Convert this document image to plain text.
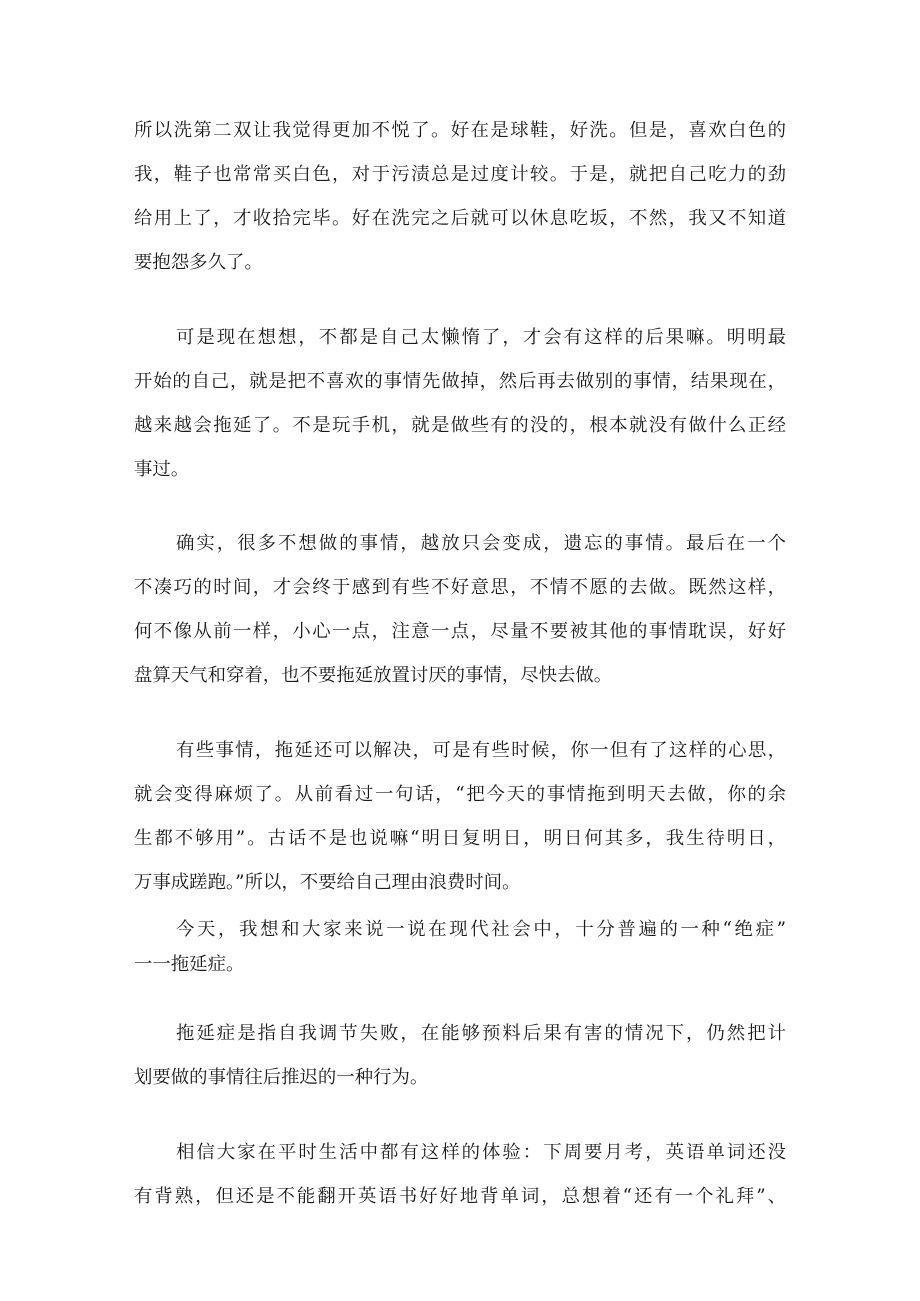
所以洗第二双让我觉得更加不悦了。好在是球鞋，好洗。但是，喜欢白色的
我，鞋子也常常买白色，对于污渍总是过度计较。于是，就把自己吃力的劲
给用上了，才收拾完毕。好在洗完之后就可以休息吃坂，不然，我又不知道
要抱怨多久了。
可是现在想想，不都是自己太懒惰了，才会有这样的后果嘛。明明最
开始的自己，就是把不喜欢的事情先做掉，然后再去做别的事情，结果现在，
越来越会拖延了。不是玩手机，就是做些有的没的，根本就没有做什么正经
事过。
确实，很多不想做的事情，越放只会变成，遗忘的事情。最后在一个
不凑巧的时间，才会终于感到有些不好意思，不情不愿的去做。既然这样，
何不像从前一样，小心一点，注意一点，尽量不要被其他的事情耽误，好好
盘算天气和穿着，也不要拖延放置讨厌的事情，尽快去做。
有些事情，拖延还可以解决，可是有些时候，你一但有了这样的心思，
就会变得麻烦了。从前看过一句话，“把今天的事情拖到明天去做，你的余
生都不够用”。古话不是也说嘛“明日复明日，明日何其多，我生待明日，
万事成蹉跑。”所以，不要给自己理由浪费时间。
今天，我想和大家来说一说在现代社会中，十分普遍的一种“绝症”
一一拖延症。
拖延症是指自我调节失败，在能够预料后果有害的情况下，仍然把计
划要做的事情往后推迟的一种行为。
相信大家在平时生活中都有这样的体验：下周要月考，英语单词还没
有背熟，但还是不能翻开英语书好好地背单词，总想着“还有一个礼拜”、
